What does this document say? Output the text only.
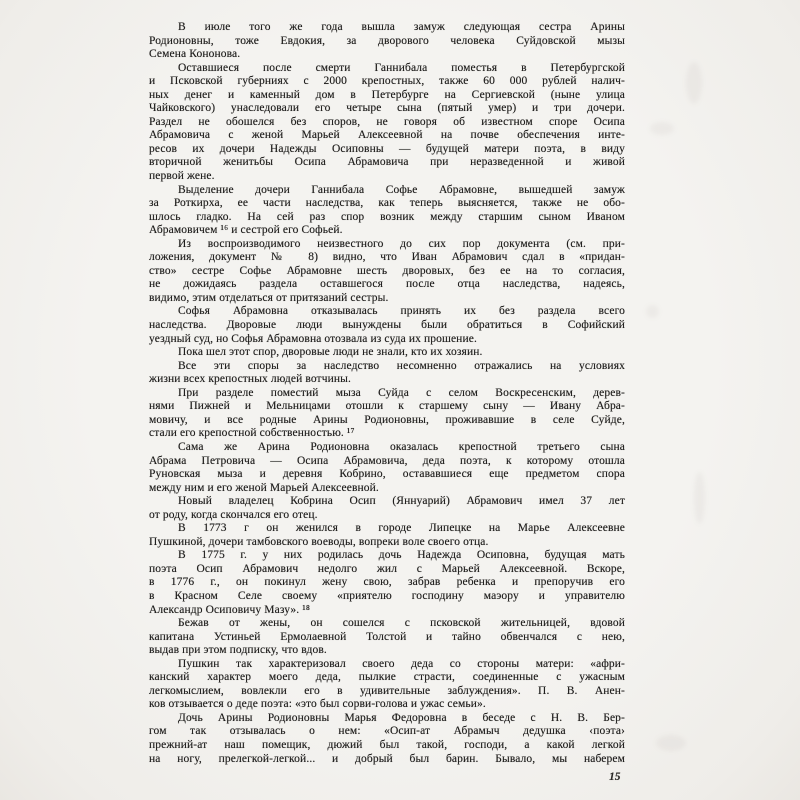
В июле того же года вышла замуж следующая сестра Арины
Родионовны, тоже Евдокия, за дворового человека Суйдовской мызы
Семена Кононова.
Оставшиеся после смерти Ганнибала поместья в Петербургской
и Псковской губерниях с 2000 крепостных, также 60 000 рублей налич-
ных денег и каменный дом в Петербурге на Сергиевской (ныне улица
Чайковского) унаследовали его четыре сына (пятый умер) и три дочери.
Раздел не обошелся без споров, не говоря об известном споре Осипа
Абрамовича с женой Марьей Алексеевной на почве обеспечения инте-
ресов их дочери Надежды Осиповны — будущей матери поэта, в виду
вторичной женитьбы Осипа Абрамовича при неразведенной и живой
первой жене.
Выделение дочери Ганнибала Софье Абрамовне, вышедшей замуж
за Роткирха, ее части наследства, как теперь выясняется, также не обо-
шлось гладко. На сей раз спор возник между старшим сыном Иваном
Абрамовичем ¹⁶ и сестрой его Софьей.
Из воспроизводимого неизвестного до сих пор документа (см. при-
ложения, документ № 8) видно, что Иван Абрамович сдал в «придан-
ство» сестре Софье Абрамовне шесть дворовых, без ее на то согласия,
не дожидаясь раздела оставшегося после отца наследства, надеясь,
видимо, этим отделаться от притязаний сестры.
Софья Абрамовна отказывалась принять их без раздела всего
наследства. Дворовые люди вынуждены были обратиться в Софийский
уездный суд, но Софья Абрамовна отозвала из суда их прошение.
Пока шел этот спор, дворовые люди не знали, кто их хозяин.
Все эти споры за наследство несомненно отражались на условиях
жизни всех крепостных людей вотчины.
При разделе поместий мыза Суйда с селом Воскресенским, дерев-
нями Пижней и Мельницами отошли к старшему сыну — Ивану Абра-
мовичу, и все родные Арины Родионовны, проживавшие в селе Суйде,
стали его крепостной собственностью. ¹⁷
Сама же Арина Родионовна оказалась крепостной третьего сына
Абрама Петровича — Осипа Абрамовича, деда поэта, к которому отошла
Руновская мыза и деревня Кобрино, остававшиеся еще предметом спора
между ним и его женой Марьей Алексеевной.
Новый владелец Кобрина Осип (Яннуарий) Абрамович имел 37 лет
от роду, когда скончался его отец.
В 1773 г он женился в городе Липецке на Марье Алексеевне
Пушкиной, дочери тамбовского воеводы, вопреки воле своего отца.
В 1775 г. у них родилась дочь Надежда Осиповна, будущая мать
поэта Осип Абрамович недолго жил с Марьей Алексеевной. Вскоре,
в 1776 г., он покинул жену свою, забрав ребенка и препоручив его
в Красном Селе своему «приятелю господину маэору и управителю
Александр Осиповичу Мазу». ¹⁸
Бежав от жены, он сошелся с псковской жительницей, вдовой
капитана Устиньей Ермолаевной Толстой и тайно обвенчался с нею,
выдав при этом подписку, что вдов.
Пушкин так характеризовал своего деда со стороны матери: «афри-
канский характер моего деда, пылкие страсти, соединенные с ужасным
легкомыслием, вовлекли его в удивительные заблуждения». П. В. Анен-
ков отзывается о деде поэта: «это был сорви-голова и ужас семьи».
Дочь Арины Родионовны Марья Федоровна в беседе с Н. В. Бер-
гом так отзывалась о нем: «Осип-ат Абрамыч дедушка ‹поэта›
прежний-ат наш помещик, дюжий был такой, господи, а какой легкой
на ногу, прелегкой-легкой... и добрый был барин. Бывало, мы наберем
15
